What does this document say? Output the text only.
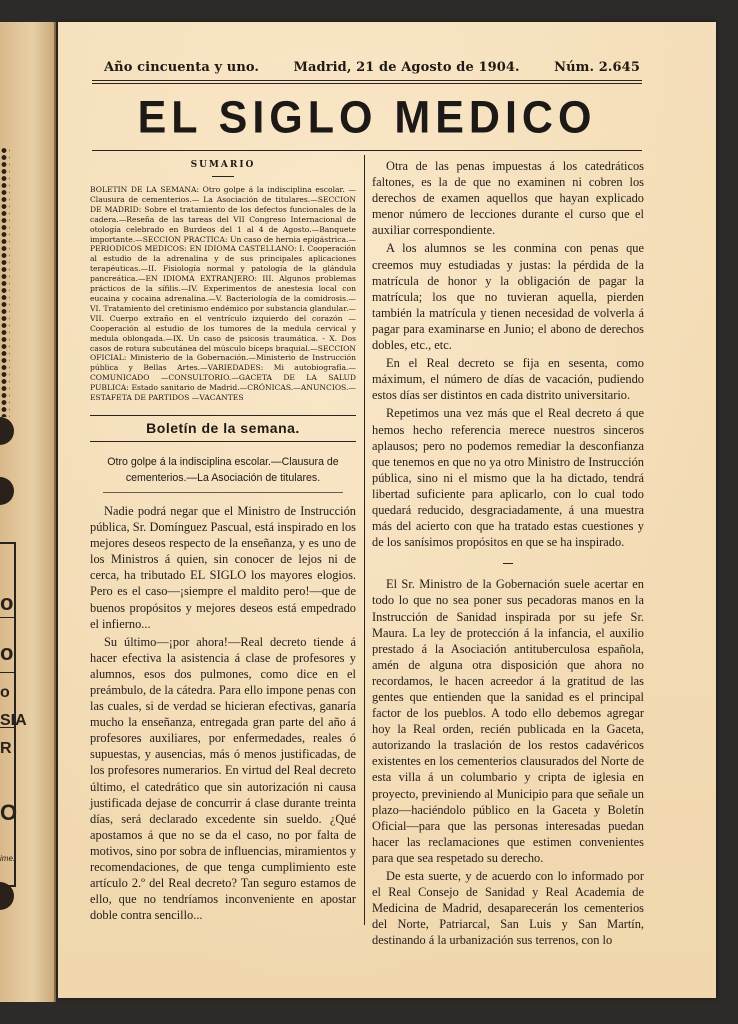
o
o
o
SIA
R
O
ime.
Año cincuenta y uno.	Madrid, 21 de Agosto de 1904.	Núm. 2.645
EL SIGLO MEDICO
SUMARIO
BOLETIN DE LA SEMANA: Otro golpe á la indisciplina escolar. —Clausura de cementerios.— La Asociación de titulares.—SECCION DE MADRID: Sobre el tratamiento de los defectos funcionales de la cadera.—Reseña de las tareas del VII Congreso Internacional de otología celebrado en Burdeos del 1 al 4 de Agosto.—Banquete importante.—SECCION PRACTICA: Un caso de hernia epigástrica.—PERIODICOS MEDICOS: EN IDIOMA CASTELLANO: I. Cooperación al estudio de la adrenalina y de sus principales aplicaciones terapéuticas.—II. Fisiología normal y patología de la glándula pancreática.—EN IDIOMA EXTRANJERO: III. Algunos problemas prácticos de la sífilis.—IV. Experimentos de anestesia local con eucaina y cocaina adrenalina.—V. Bacteriología de la comidrosis.—VI. Tratamiento del cretinismo endémico por substancia glandular.—VII. Cuerpo extraño en el ventrículo izquierdo del corazón —Cooperación al estudio de los tumores de la medula cervical y medula oblongada.—IX. Un caso de psicosis traumática. - X. Dos casos de rotura subcutánea del músculo bíceps braquial.—SECCION OFICIAL: Ministerio de la Gobernación.—Ministerio de Instrucción pública y Bellas Artes.—VARIEDADES: Mi autobiografía.—COMUNICADO —CONSULTORIO.—GACETA DE LA SALUD PUBLICA: Estado sanitario de Madrid.—CRÓNICAS.—ANUNCIOS.—ESTAFETA DE PARTIDOS —VACANTES
Boletín de la semana.
Otro golpe á la indisciplina escolar.—Clausura de cementerios.—La Asociación de titulares.

Nadie podrá negar que el Ministro de Instrucción pública, Sr. Domínguez Pascual, está inspirado en los mejores deseos respecto de la enseñanza, y es uno de los Ministros á quien, sin conocer de lejos ni de cerca, ha tributado EL SIGLO los mayores elogios. Pero es el caso—¡siempre el maldito pero!—que de buenos propósitos y mejores deseos está empedrado el infierno...

Su último—¡por ahora!—Real decreto tiende á hacer efectiva la asistencia á clase de profesores y alumnos, esos dos pulmones, como dice en el preámbulo, de la cátedra. Para ello impone penas con las cuales, si de verdad se hicieran efectivas, ganaría mucho la enseñanza, entregada gran parte del año á profesores auxiliares, por enfermedades, reales ó supuestas, y ausencias, más ó menos justificadas, de los profesores numerarios. En virtud del Real decreto último, el catedrático que sin autorización ni causa justificada dejase de concurrir á clase durante treinta días, será declarado excedente sin sueldo. ¿Qué apostamos á que no se da el caso, no por falta de motivos, sino por sobra de influencias, miramientos y recomendaciones, de que tenga cumplimiento este artículo 2.º del Real decreto? Tan seguro estamos de ello, que no tendríamos inconveniente en apostar doble contra sencillo...

Otra de las penas impuestas á los catedráticos faltones, es la de que no examinen ni cobren los derechos de examen aquellos que hayan explicado menor número de lecciones durante el curso que el auxiliar correspondiente.

A los alumnos se les conmina con penas que creemos muy estudiadas y justas: la pérdida de la matrícula de honor y la obligación de pagar la matrícula; los que no tuvieran aquella, pierden también la matrícula y tienen necesidad de volverla á pagar para examinarse en Junio; el abono de derechos dobles, etc., etc.

En el Real decreto se fija en sesenta, como máximum, el número de días de vacación, pudiendo estos días ser distintos en cada distrito universitario.

Repetimos una vez más que el Real decreto á que hemos hecho referencia merece nuestros sinceros aplausos; pero no podemos remediar la desconfianza que tenemos en que no ya otro Ministro de Instrucción pública, sino ni el mismo que la ha dictado, tendrá libertad suficiente para aplicarlo, con lo cual todo quedará reducido, desgraciadamente, á una muestra más del acierto con que ha tratado estas cuestiones y de los sanísimos propósitos en que se ha inspirado.

El Sr. Ministro de la Gobernación suele acertar en todo lo que no sea poner sus pecadoras manos en la Instrucción de Sanidad inspirada por su jefe Sr. Maura. La ley de protección á la infancia, el auxilio prestado á la Asociación antituberculosa española, amén de alguna otra disposición que ahora no recordamos, le hacen acreedor á la gratitud de las gentes que entienden que la sanidad es el principal factor de los pueblos. A todo ello debemos agregar hoy la Real orden, recién publicada en la Gaceta, autorizando la traslación de los restos cadavéricos existentes en los cementerios clausurados del Norte de esta villa á un columbario y cripta de iglesia en proyecto, previniendo al Municipio para que señale un plazo—haciéndolo público en la Gaceta y Boletín Oficial—para que las personas interesadas puedan hacer las reclamaciones que estimen convenientes para que sea respetado su derecho.

De esta suerte, y de acuerdo con lo informado por el Real Consejo de Sanidad y Real Academia de Medicina de Madrid, desaparecerán los cementerios del Norte, Patriarcal, San Luis y San Martín, destinando á la urbanización sus terrenos, con lo
